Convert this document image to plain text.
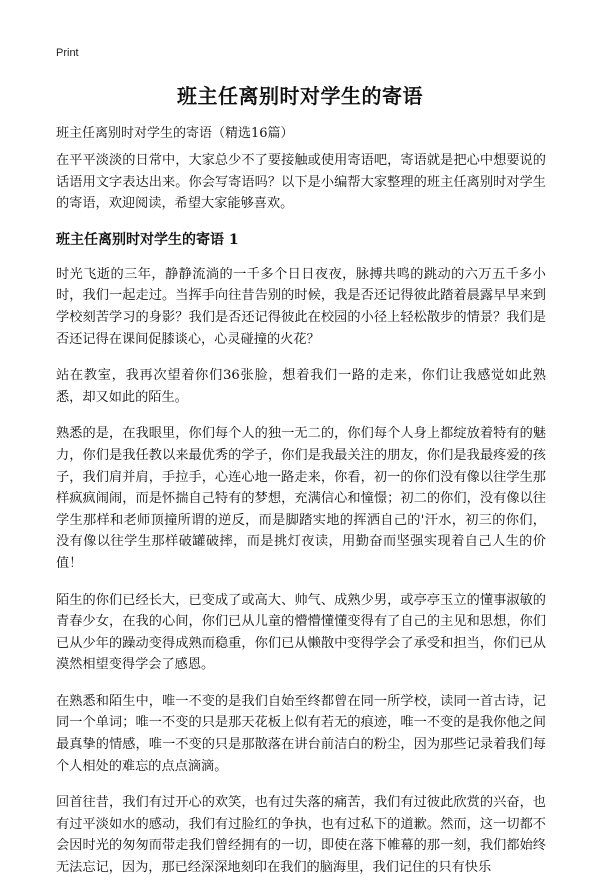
Print
班主任离别时对学生的寄语
班主任离别时对学生的寄语（精选16篇）

在平平淡淡的日常中，大家总少不了要接触或使用寄语吧，寄语就是把心中想要说的话语用文字表达出来。你会写寄语吗？以下是小编帮大家整理的班主任离别时对学生的寄语，欢迎阅读，希望大家能够喜欢。

班主任离别时对学生的寄语 1

时光飞逝的三年，静静流淌的一千多个日日夜夜，脉搏共鸣的跳动的六万五千多小时，我们一起走过。当挥手向往昔告别的时候，我是否还记得彼此踏着晨露早早来到学校刻苦学习的身影？我们是否还记得彼此在校园的小径上轻松散步的情景？我们是否还记得在课间促膝谈心，心灵碰撞的火花？

站在教室，我再次望着你们36张脸，想着我们一路的走来，你们让我感觉如此熟悉，却又如此的陌生。

熟悉的是，在我眼里，你们每个人的独一无二的，你们每个人身上都绽放着特有的魅力，你们是我任教以来最优秀的学子，你们是我最关注的朋友，你们是我最疼爱的孩子，我们肩并肩，手拉手，心连心地一路走来，你看，初一的你们没有像以往学生那样疯疯闹闹，而是怀揣自己特有的梦想，充满信心和憧憬；初二的你们，没有像以往学生那样和老师顶撞所谓的逆反，而是脚踏实地的挥洒自己的'汗水，初三的你们，没有像以往学生那样破罐破摔，而是挑灯夜读，用勤奋而坚强实现着自己人生的价值！

陌生的你们已经长大，已变成了或高大、帅气、成熟少男，或亭亭玉立的懂事淑敏的青春少女，在我的心间，你们已从儿童的懵懵懂懂变得有了自己的主见和思想，你们已从少年的躁动变得成熟而稳重，你们已从懒散中变得学会了承受和担当，你们已从漠然相望变得学会了感恩。

在熟悉和陌生中，唯一不变的是我们自始至终都曾在同一所学校，读同一首古诗，记同一个单词；唯一不变的只是那天花板上似有若无的痕迹，唯一不变的是我你他之间最真挚的情感，唯一不变的只是那散落在讲台前洁白的粉尘，因为那些记录着我们每个人相处的难忘的点点滴滴。

回首往昔，我们有过开心的欢笑，也有过失落的痛苦，我们有过彼此欣赏的兴奋，也有过平淡如水的感动，我们有过脸红的争执，也有过私下的道歉。然而，这一切都不会因时光的匆匆而带走我们曾经拥有的一切，即使在落下帷幕的那一刻，我们都始终无法忘记，因为，那已经深深地刻印在我们的脑海里，我们记住的只有快乐
